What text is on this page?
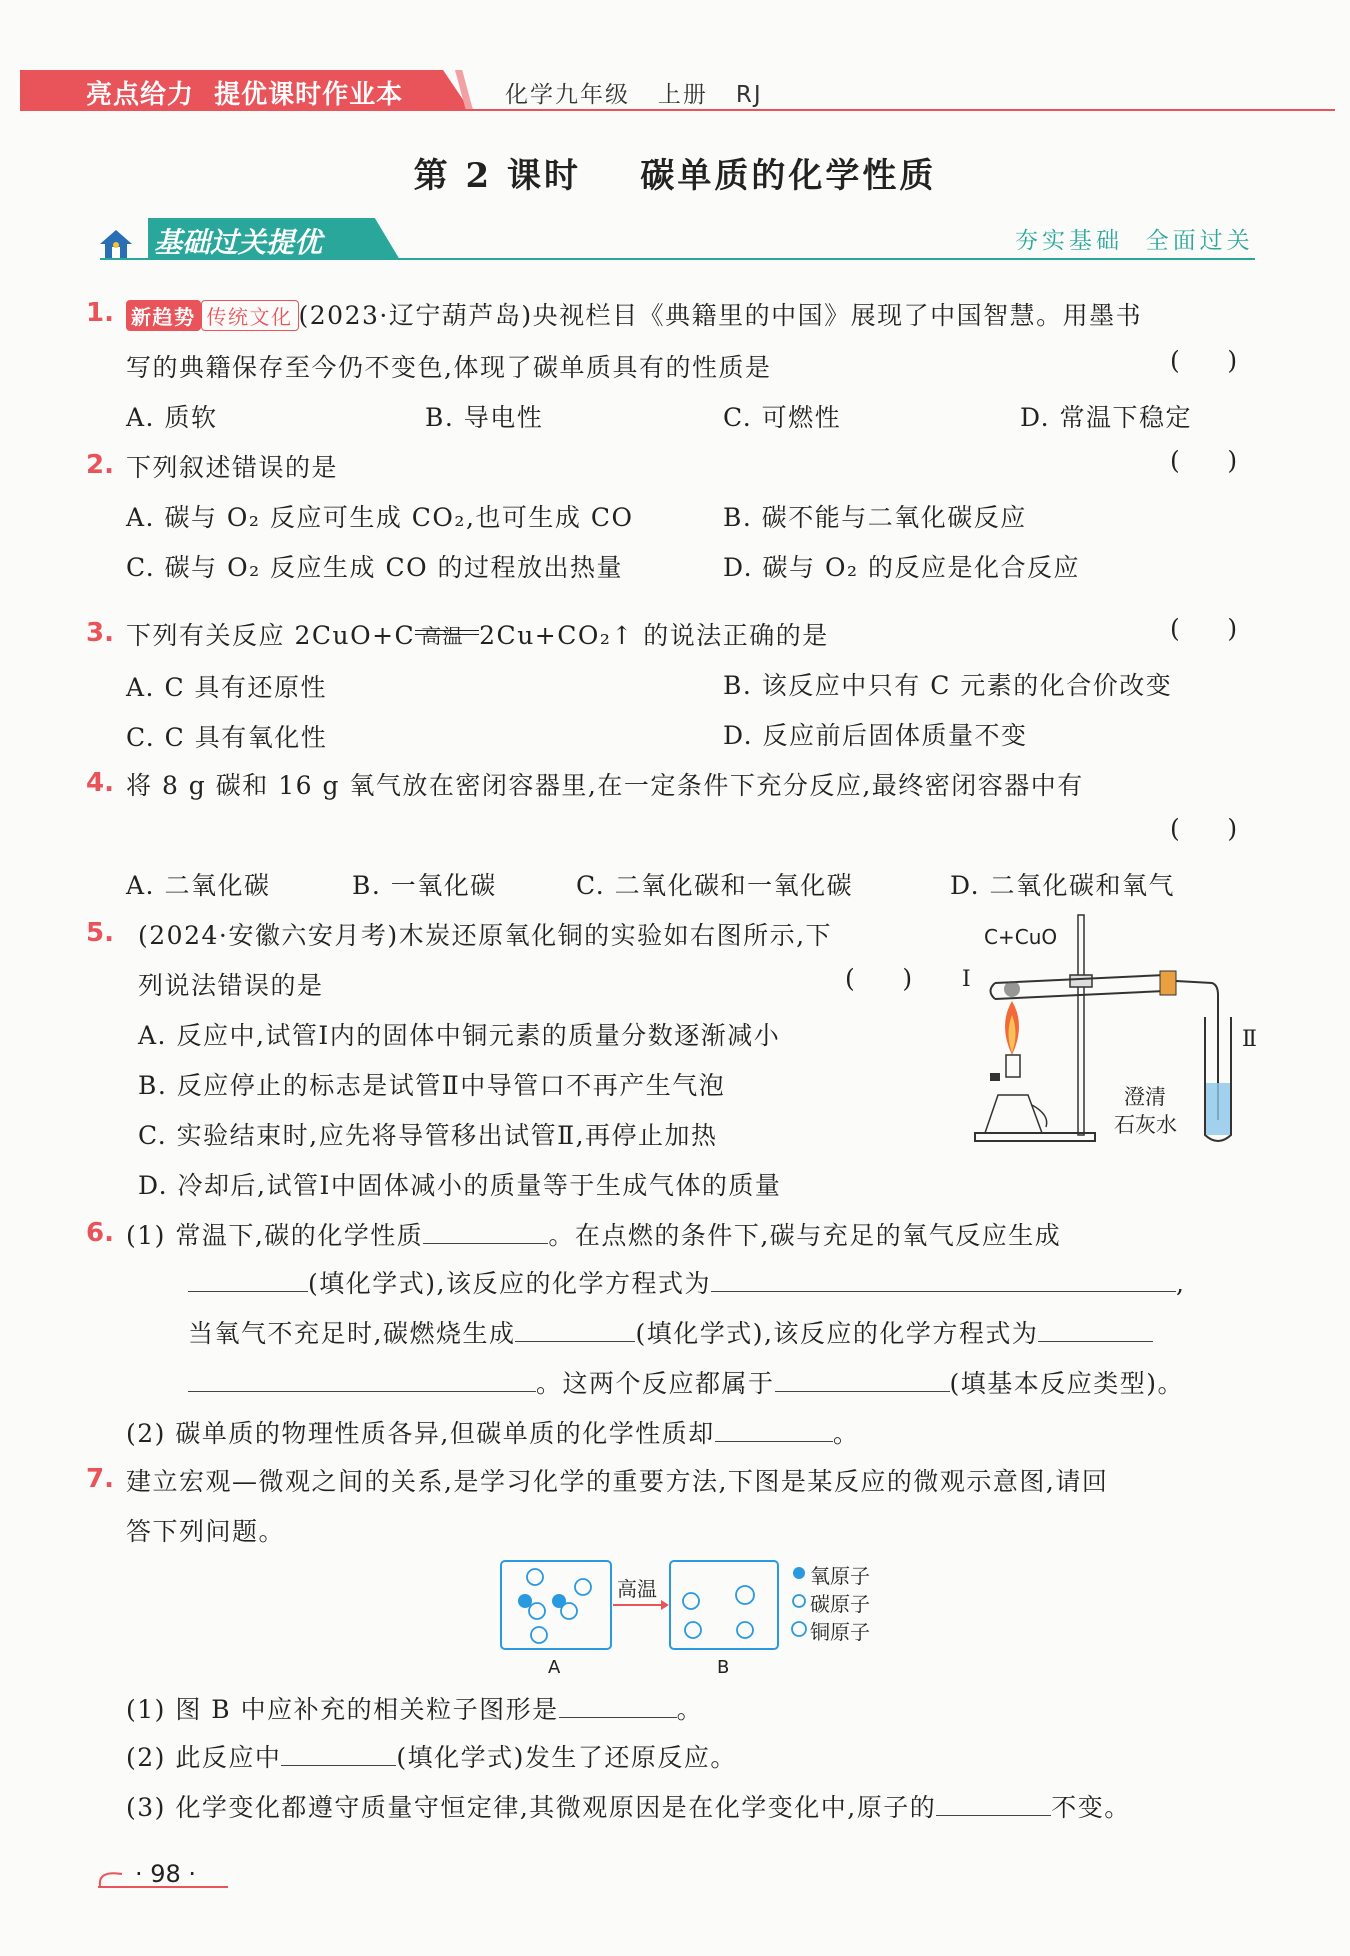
亮点给力  提优课时作业本	化学九年级   上册   RJ
第 2 课时    碳单质的化学性质
基础过关提优	夯实基础  全面过关
1. 新趋势 传统文化 (2023·辽宁葫芦岛)央视栏目《典籍里的中国》展现了中国智慧。用墨书
写的典籍保存至今仍不变色,体现了碳单质具有的性质是	(      )
A. 质软	B. 导电性	C. 可燃性	D. 常温下稳定
2. 下列叙述错误的是	(      )
A. 碳与 O₂ 反应可生成 CO₂,也可生成 CO	B. 碳不能与二氧化碳反应
C. 碳与 O₂ 反应生成 CO 的过程放出热量	D. 碳与 O₂ 的反应是化合反应
3. 下列有关反应 2CuO+C 高温 2Cu+CO₂↑ 的说法正确的是	(      )
A. C 具有还原性	B. 该反应中只有 C 元素的化合价改变
C. C 具有氧化性	D. 反应前后固体质量不变
4. 将 8 g 碳和 16 g 氧气放在密闭容器里,在一定条件下充分反应,最终密闭容器中有
(      )
A. 二氧化碳	B. 一氧化碳	C. 二氧化碳和一氧化碳	D. 二氧化碳和氧气
5. (2024·安徽六安月考)木炭还原氧化铜的实验如右图所示,下
列说法错误的是	(      )
A. 反应中,试管Ⅰ内的固体中铜元素的质量分数逐渐减小
B. 反应停止的标志是试管Ⅱ中导管口不再产生气泡
C. 实验结束时,应先将导管移出试管Ⅱ,再停止加热
D. 冷却后,试管Ⅰ中固体减小的质量等于生成气体的质量
C+CuO
Ⅰ
Ⅱ
澄清
石灰水
6. (1) 常温下,碳的化学性质	。在点燃的条件下,碳与充足的氧气反应生成
(填化学式),该反应的化学方程式为	,
当氧气不充足时,碳燃烧生成	(填化学式),该反应的化学方程式为
。这两个反应都属于	(填基本反应类型)。
(2) 碳单质的物理性质各异,但碳单质的化学性质却	。
7. 建立宏观—微观之间的关系,是学习化学的重要方法,下图是某反应的微观示意图,请回
答下列问题。
高温
A	B
氧原子
碳原子
铜原子
(1) 图 B 中应补充的相关粒子图形是	。
(2) 此反应中	(填化学式)发生了还原反应。
(3) 化学变化都遵守质量守恒定律,其微观原因是在化学变化中,原子的	不变。
· 98 ·
